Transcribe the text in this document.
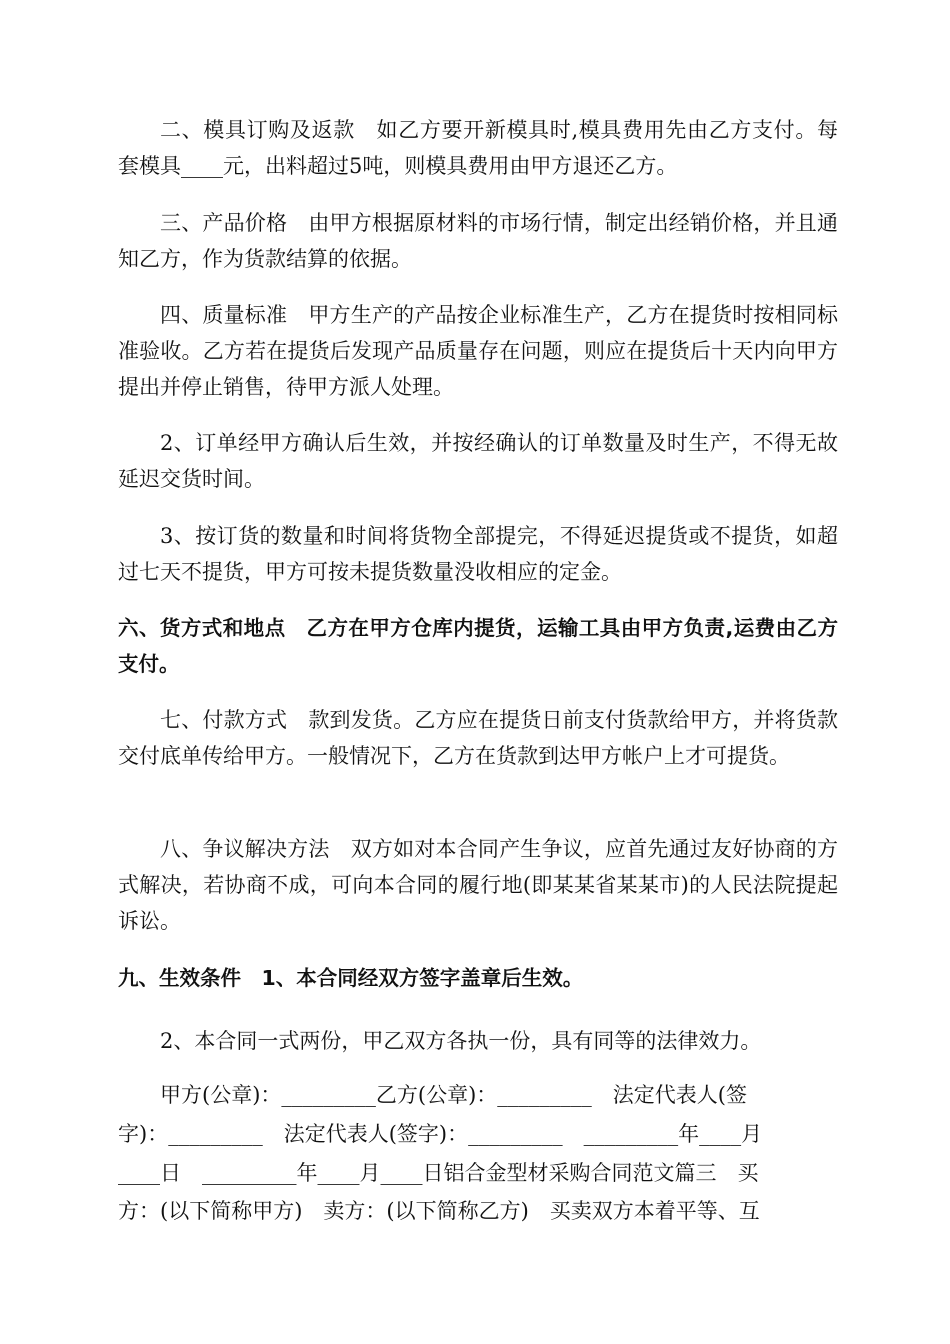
二、模具订购及返款　如乙方要开新模具时,模具费用先由乙方支付。每套模具____元，出料超过5吨，则模具费用由甲方退还乙方。

三、产品价格　由甲方根据原材料的市场行情，制定出经销价格，并且通知乙方，作为货款结算的依据。

四、质量标准　甲方生产的产品按企业标准生产，乙方在提货时按相同标准验收。乙方若在提货后发现产品质量存在问题，则应在提货后十天内向甲方提出并停止销售，待甲方派人处理。

2、订单经甲方确认后生效，并按经确认的订单数量及时生产，不得无故延迟交货时间。

3、按订货的数量和时间将货物全部提完，不得延迟提货或不提货，如超过七天不提货，甲方可按未提货数量没收相应的定金。

六、货方式和地点　乙方在甲方仓库内提货，运输工具由甲方负责,运费由乙方支付。

七、付款方式　款到发货。乙方应在提货日前支付货款给甲方，并将货款交付底单传给甲方。一般情况下，乙方在货款到达甲方帐户上才可提货。

八、争议解决方法　双方如对本合同产生争议，应首先通过友好协商的方式解决，若协商不成，可向本合同的履行地(即某某省某某市)的人民法院提起诉讼。

九、生效条件　1、本合同经双方签字盖章后生效。

2、本合同一式两份，甲乙双方各执一份，具有同等的法律效力。

甲方(公章)：_________乙方(公章)：_________　法定代表人(签
字)：_________　法定代表人(签字)：_________　_________年____月
____日　_________年____月____日铝合金型材采购合同范文篇三　买
方：(以下简称甲方)　卖方：(以下简称乙方)　买卖双方本着平等、互
